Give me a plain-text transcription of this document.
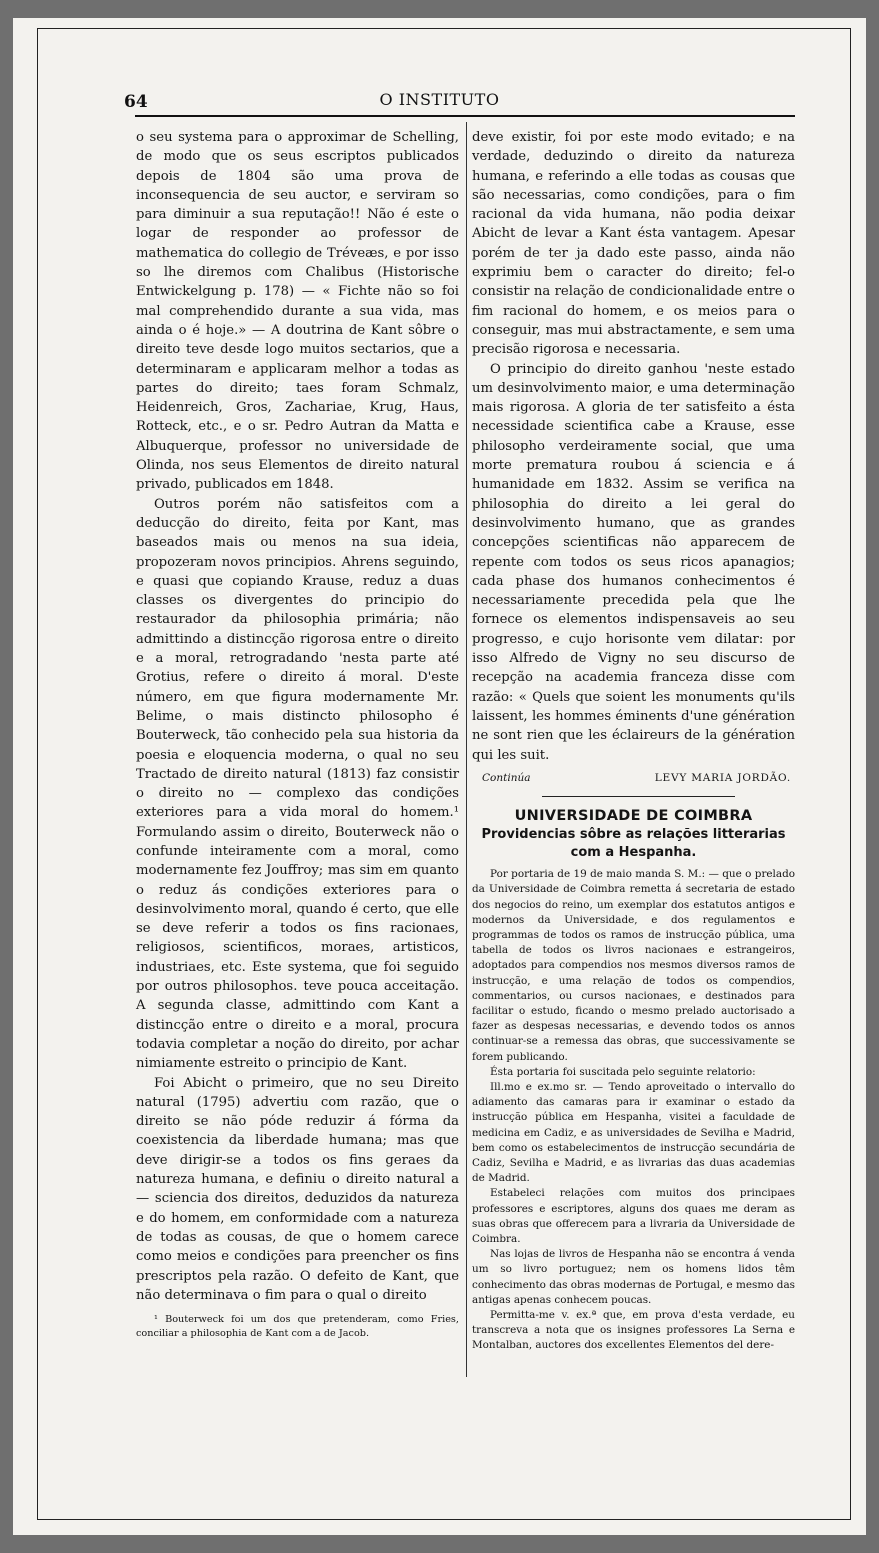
64	O INSTITUTO

o seu systema para o approximar de Schelling, de modo que os seus escriptos publicados depois de 1804 são uma prova de inconsequencia de seu auctor, e serviram so para diminuir a sua reputação!! Não é este o logar de responder ao professor de mathematica do collegio de Tréveæs, e por isso so lhe diremos com Chalibus (Historische Entwickelgung p. 178) — « Fichte não so foi mal comprehendido durante a sua vida, mas ainda o é hoje.» — A doutrina de Kant sôbre o direito teve desde logo muitos sectarios, que a determinaram e applicaram melhor a todas as partes do direito; taes foram Schmalz, Heidenreich, Gros, Zachariae, Krug, Haus, Rotteck, etc., e o sr. Pedro Autran da Matta e Albuquerque, professor no universidade de Olinda, nos seus Elementos de direito natural privado, publicados em 1848.

Outros porém não satisfeitos com a deducção do direito, feita por Kant, mas baseados mais ou menos na sua ideia, propozeram novos principios. Ahrens seguindo, e quasi que copiando Krause, reduz a duas classes os divergentes do principio do restaurador da philosophia primária; não admittindo a distincção rigorosa entre o direito e a moral, retrogradando 'nesta parte até Grotius, refere o direito á moral. D'este número, em que figura modernamente Mr. Belime, o mais distincto philosopho é Bouterweck, tão conhecido pela sua historia da poesia e eloquencia moderna, o qual no seu Tractado de direito natural (1813) faz consistir o direito no — complexo das condições exteriores para a vida moral do homem.¹ Formulando assim o direito, Bouterweck não o confunde inteiramente com a moral, como modernamente fez Jouffroy; mas sim em quanto o reduz ás condições exteriores para o desinvolvimento moral, quando é certo, que elle se deve referir a todos os fins racionaes, religiosos, scientificos, moraes, artisticos, industriaes, etc. Este systema, que foi seguido por outros philosophos. teve pouca acceitação. A segunda classe, admittindo com Kant a distincção entre o direito e a moral, procura todavia completar a noção do direito, por achar nimiamente estreito o principio de Kant.

Foi Abicht o primeiro, que no seu Direito natural (1795) advertiu com razão, que o direito se não póde reduzir á fórma da coexistencia da liberdade humana; mas que deve dirigir-se a todos os fins geraes da natureza humana, e definiu o direito natural a — sciencia dos direitos, deduzidos da natureza e do homem, em conformidade com a natureza de todas as cousas, de que o homem carece como meios e condições para preencher os fins prescriptos pela razão. O defeito de Kant, que não determinava o fim para o qual o direito

¹ Bouterweck foi um dos que pretenderam, como Fries, conciliar a philosophia de Kant com a de Jacob.

deve existir, foi por este modo evitado; e na verdade, deduzindo o direito da natureza humana, e referindo a elle todas as cousas que são necessarias, como condições, para o fim racional da vida humana, não podia deixar Abicht de levar a Kant ésta vantagem. Apesar porém de ter ja dado este passo, ainda não exprimiu bem o caracter do direito; fel-o consistir na relação de condicionalidade entre o fim racional do homem, e os meios para o conseguir, mas mui abstractamente, e sem uma precisão rigorosa e necessaria.

O principio do direito ganhou 'neste estado um desinvolvimento maior, e uma determinação mais rigorosa. A gloria de ter satisfeito a ésta necessidade scientifica cabe a Krause, esse philosopho verdeiramente social, que uma morte prematura roubou á sciencia e á humanidade em 1832. Assim se verifica na philosophia do direito a lei geral do desinvolvimento humano, que as grandes concepções scientificas não apparecem de repente com todos os seus ricos apanagios; cada phase dos humanos conhecimentos é necessariamente precedida pela que lhe fornece os elementos indispensaveis ao seu progresso, e cujo horisonte vem dilatar: por isso Alfredo de Vigny no seu discurso de recepção na academia franceza disse com razão: « Quels que soient les monuments qu'ils laissent, les hommes éminents d'une génération ne sont rien que les éclaireurs de la génération qui les suit.

Continúa	LEVY MARIA JORDÃO.
UNIVERSIDADE DE COIMBRA
Providencias sôbre as relações litterarias
com a Hespanha.

Por portaria de 19 de maio manda S. M.: — que o prelado da Universidade de Coimbra remetta á secretaria de estado dos negocios do reino, um exemplar dos estatutos antigos e modernos da Universidade, e dos regulamentos e programmas de todos os ramos de instrucção pública, uma tabella de todos os livros nacionaes e estrangeiros, adoptados para compendios nos mesmos diversos ramos de instrucção, e uma relação de todos os compendios, commentarios, ou cursos nacionaes, e destinados para facilitar o estudo, ficando o mesmo prelado auctorisado a fazer as despesas necessarias, e devendo todos os annos continuar-se a remessa das obras, que successivamente se forem publicando.

Ésta portaria foi suscitada pelo seguinte relatorio:

Ill.mo e ex.mo sr. — Tendo aproveitado o intervallo do adiamento das camaras para ir examinar o estado da instrucção pública em Hespanha, visitei a faculdade de medicina em Cadiz, e as universidades de Sevilha e Madrid, bem como os estabelecimentos de instrucção secundária de Cadiz, Sevilha e Madrid, e as livrarias das duas academias de Madrid.

Estabeleci relações com muitos dos principaes professores e escriptores, alguns dos quaes me deram as suas obras que offerecem para a livraria da Universidade de Coimbra.

Nas lojas de livros de Hespanha não se encontra á venda um so livro portuguez; nem os homens lidos têm conhecimento das obras modernas de Portugal, e mesmo das antigas apenas conhecem poucas.

Permitta-me v. ex.ª que, em prova d'esta verdade, eu transcreva a nota que os insignes professores La Serna e Montalban, auctores dos excellentes Elementos del dere-
